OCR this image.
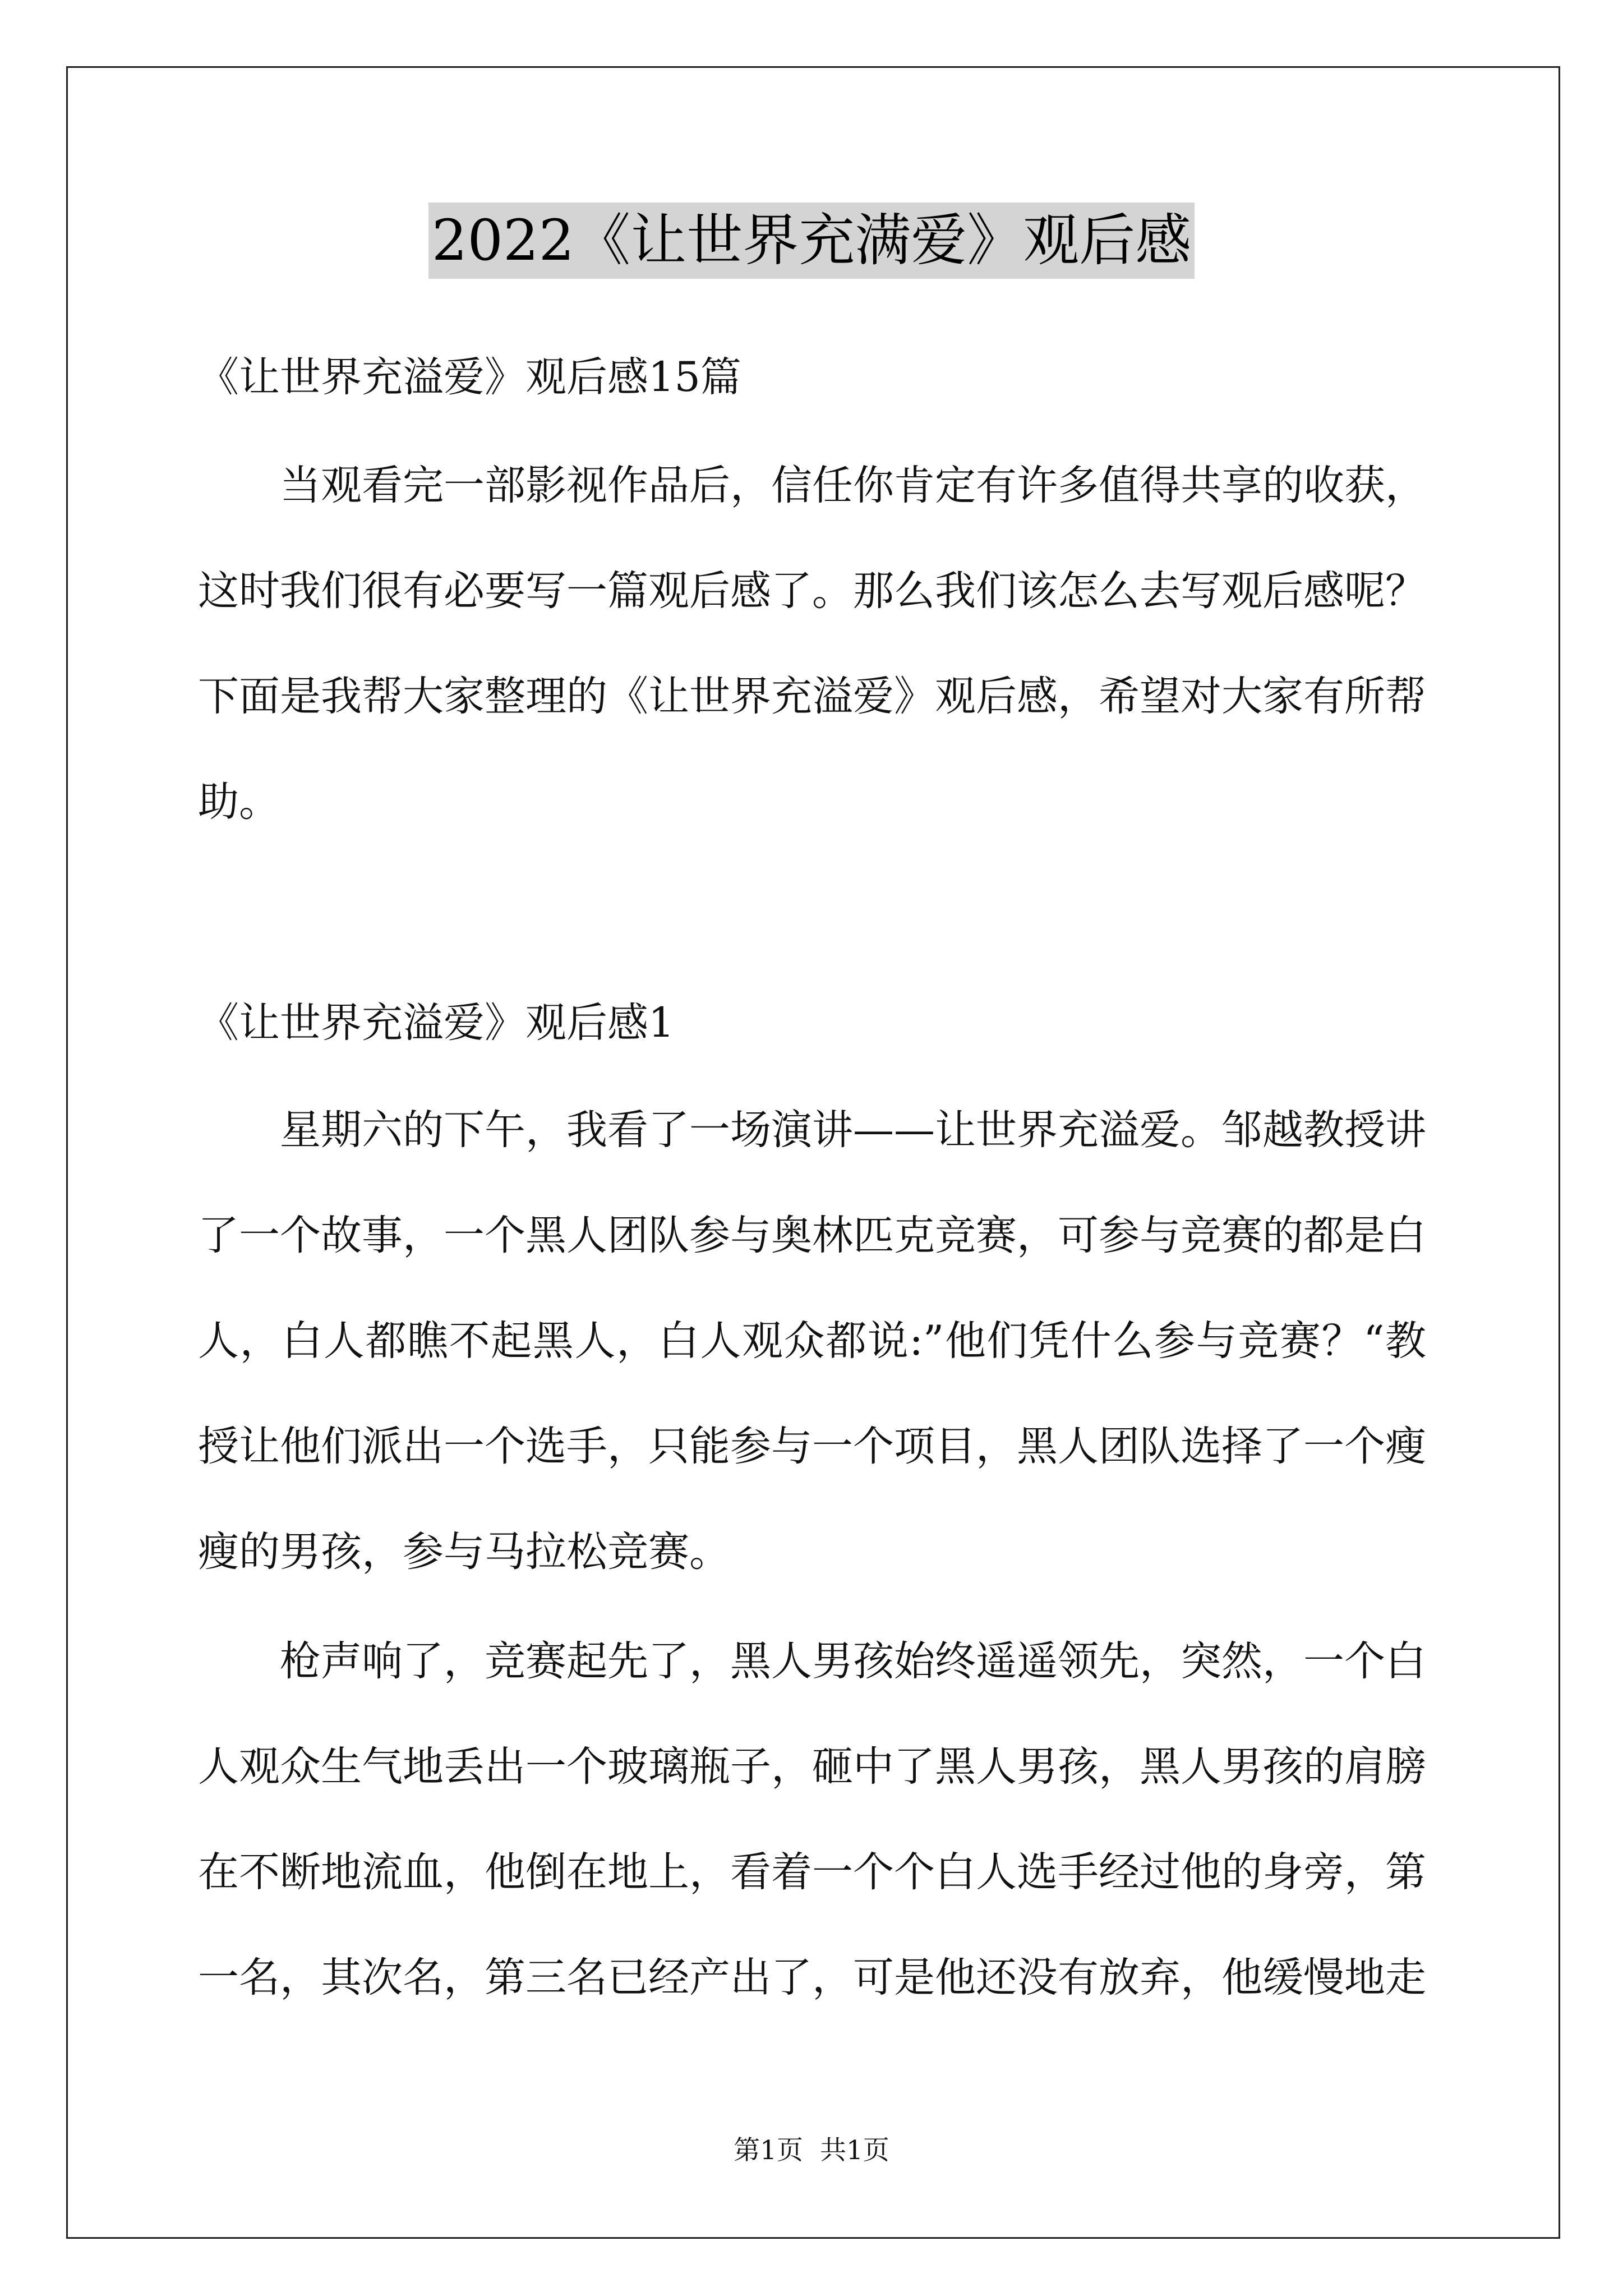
2022《让世界充满爱》观后感
《让世界充溢爱》观后感15篇
当观看完一部影视作品后，信任你肯定有许多值得共享的收获，
这时我们很有必要写一篇观后感了。那么我们该怎么去写观后感呢？
下面是我帮大家整理的《让世界充溢爱》观后感，希望对大家有所帮
助。
《让世界充溢爱》观后感1
星期六的下午，我看了一场演讲——让世界充溢爱。邹越教授讲
了一个故事，一个黑人团队参与奥林匹克竞赛，可参与竞赛的都是白
人，白人都瞧不起黑人，白人观众都说:”他们凭什么参与竞赛？“教
授让他们派出一个选手，只能参与一个项目，黑人团队选择了一个瘦
瘦的男孩，参与马拉松竞赛。
枪声响了，竞赛起先了，黑人男孩始终遥遥领先，突然，一个白
人观众生气地丢出一个玻璃瓶子，砸中了黑人男孩，黑人男孩的肩膀
在不断地流血，他倒在地上，看着一个个白人选手经过他的身旁，第
一名，其次名，第三名已经产出了，可是他还没有放弃，他缓慢地走
第1页  共1页
